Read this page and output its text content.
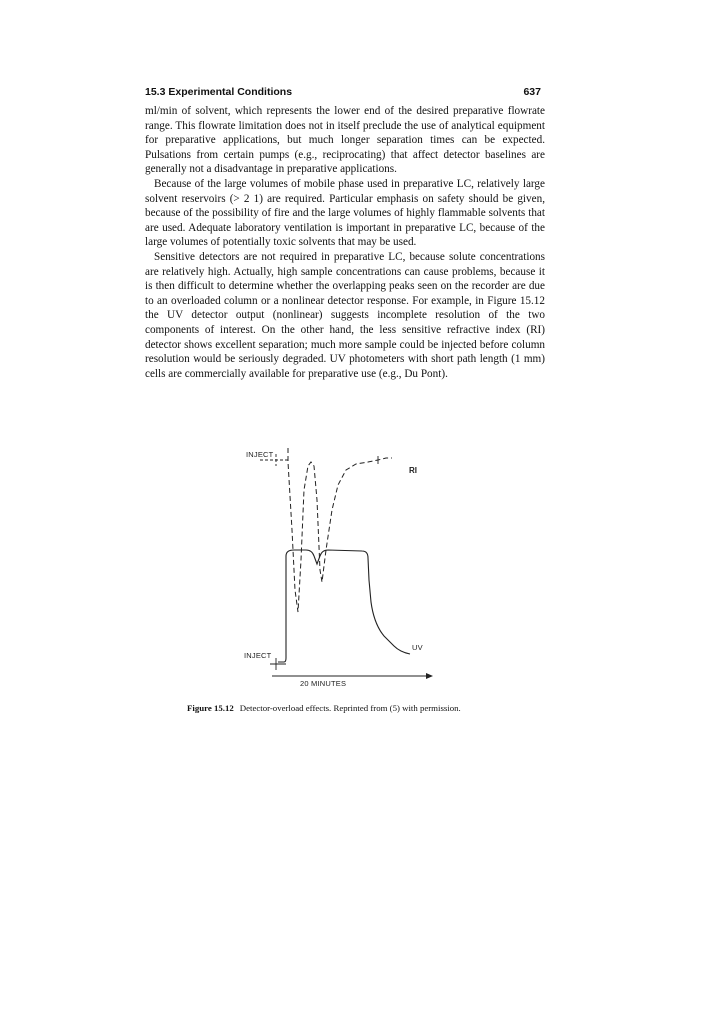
15.3 Experimental Conditions	637

ml/min of solvent, which represents the lower end of the desired preparative flowrate range. This flowrate limitation does not in itself preclude the use of analytical equipment for preparative applications, but much longer separation times can be expected. Pulsations from certain pumps (e.g., reciprocating) that affect detector baselines are generally not a disadvantage in preparative applications.

Because of the large volumes of mobile phase used in preparative LC, relatively large solvent reservoirs (> 2 1) are required. Particular emphasis on safety should be given, because of the possibility of fire and the large volumes of highly flammable solvents that are used. Adequate laboratory ventilation is important in preparative LC, because of the large volumes of potentially toxic solvents that may be used.

Sensitive detectors are not required in preparative LC, because solute concentrations are relatively high. Actually, high sample concentrations can cause problems, because it is then difficult to determine whether the overlapping peaks seen on the recorder are due to an overloaded column or a nonlinear detector response. For example, in Figure 15.12 the UV detector output (nonlinear) suggests incomplete resolution of the two components of interest. On the other hand, the less sensitive refractive index (RI) detector shows excellent separation; much more sample could be injected before column resolution would be seriously degraded. UV photometers with short path length (1 mm) cells are commercially available for preparative use (e.g., Du Pont).

INJECT
RI
UV
INJECT
20 MINUTES
Figure 15.12 Detector-overload effects. Reprinted from (5) with permission.
